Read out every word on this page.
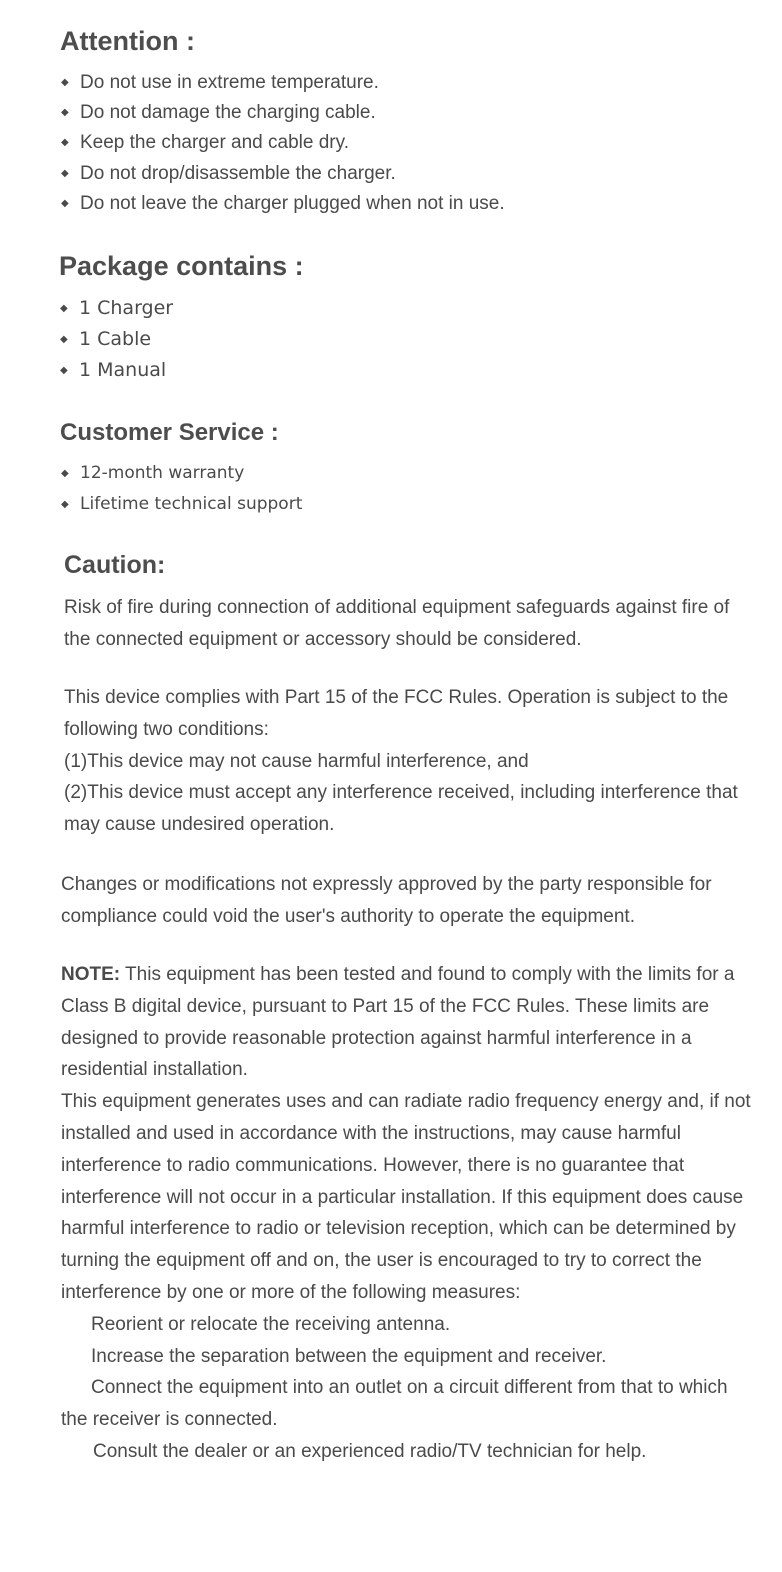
Attention :
◆ Do not use in extreme temperature.
◆ Do not damage the charging cable.
◆ Keep the charger and cable dry.
◆ Do not drop/disassemble the charger.
◆ Do not leave the charger plugged when not in use.
Package contains :
◆ 1 Charger
◆ 1 Cable
◆ 1 Manual
Customer Service :
◆ 12-month warranty
◆ Lifetime technical support
Caution:

Risk of fire during connection of additional equipment safeguards against fire of the connected equipment or accessory should be considered.

This device complies with Part 15 of the FCC Rules. Operation is subject to the following two conditions:

(1)This device may not cause harmful interference, and

(2)This device must accept any interference received, including interference that may cause undesired operation.

Changes or modifications not expressly approved by the party responsible for compliance could void the user's authority to operate the equipment.

NOTE: This equipment has been tested and found to comply with the limits for a Class B digital device, pursuant to Part 15 of the FCC Rules. These limits are designed to provide reasonable protection against harmful interference in a residential installation.

This equipment generates uses and can radiate radio frequency energy and, if not installed and used in accordance with the instructions, may cause harmful interference to radio communications. However, there is no guarantee that interference will not occur in a particular installation. If this equipment does cause harmful interference to radio or television reception, which can be determined by turning the equipment off and on, the user is encouraged to try to correct the interference by one or more of the following measures:

Reorient or relocate the receiving antenna.

Increase the separation between the equipment and receiver.

Connect the equipment into an outlet on a circuit different from that to which the receiver is connected.

Consult the dealer or an experienced radio/TV technician for help.
